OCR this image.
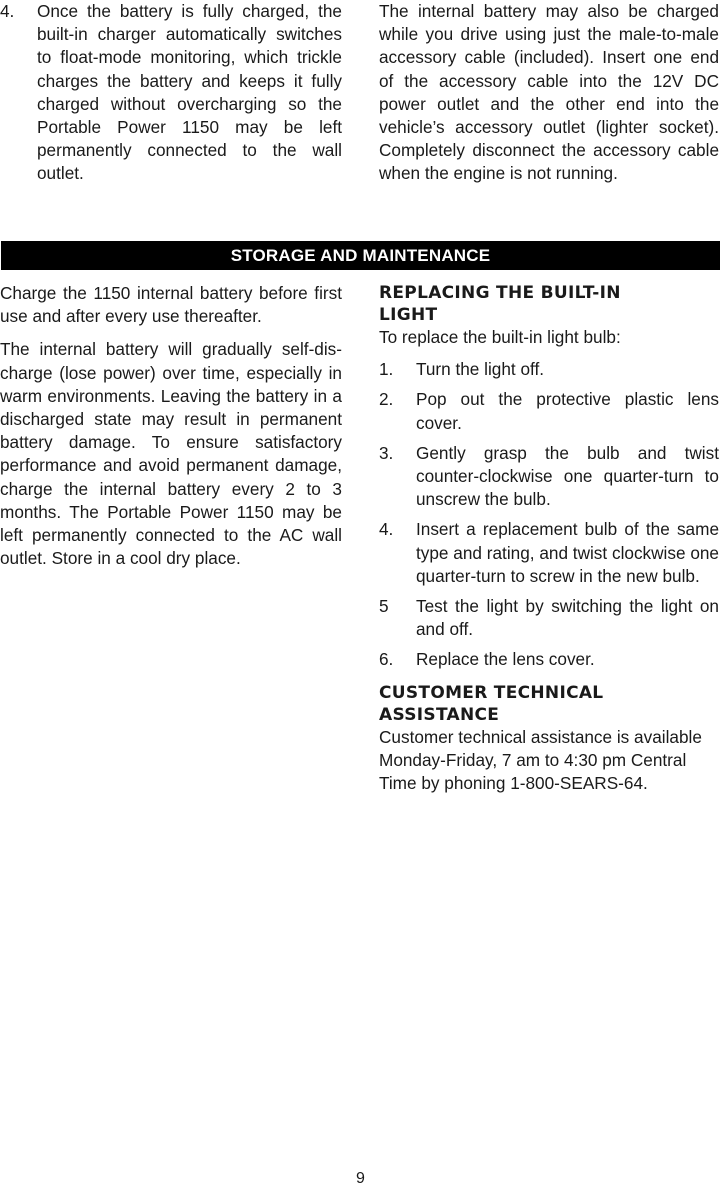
4. Once the battery is fully charged, the built-in charger automatically switches to float-mode monitoring, which trickle charges the battery and keeps it fully charged without overcharging so the Portable Power 1150 may be left permanently connected to the wall outlet.

The internal battery may also be charged while you drive using just the male-to-male accessory cable (included). Insert one end of the accessory cable into the 12V DC power outlet and the other end into the vehicle’s accessory outlet (lighter socket). Completely disconnect the accessory cable when the engine is not running.

STORAGE AND MAINTENANCE

Charge the 1150 internal battery before first use and after every use thereafter.

The internal battery will gradually self-discharge (lose power) over time, especially in warm environments. Leaving the battery in a discharged state may result in permanent battery damage. To ensure satisfactory performance and avoid permanent damage, charge the internal battery every 2 to 3 months. The Portable Power 1150 may be left permanently connected to the AC wall outlet. Store in a cool dry place.

REPLACING THE BUILT-IN
LIGHT

To replace the built-in light bulb:

1. Turn the light off.
2. Pop out the protective plastic lens cover.
3. Gently grasp the bulb and twist counter-clockwise one quarter-turn to unscrew the bulb.
4. Insert a replacement bulb of the same type and rating, and twist clockwise one quarter-turn to screw in the new bulb.
5 Test the light by switching the light on and off.
6. Replace the lens cover.
CUSTOMER TECHNICAL
ASSISTANCE

Customer technical assistance is available Monday-Friday, 7 am to 4:30 pm Central Time by phoning 1-800-SEARS-64.

9
